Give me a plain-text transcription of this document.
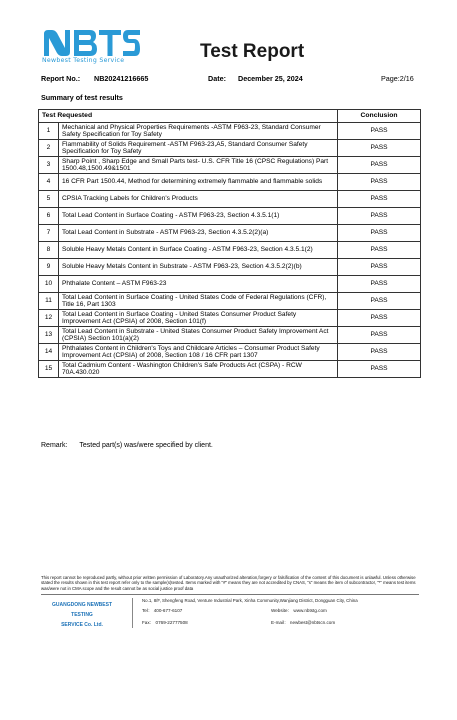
Newbest Testing Service	Test Report
Report No.: NB20241216665	Date: December 25, 2024	Page:2/16
Summary of test results
Test Requested		Conclusion
1	Mechanical and Physical Properties Requirements -ASTM F963-23, Standard Consumer Safety Specification for Toy Safety	PASS
2	Flammability of Solids Requirement -ASTM F963-23,A5, Standard Consumer Safety Specification for Toy Safety	PASS
3	Sharp Point , Sharp Edge and Small Parts test- U.S. CFR Title 16 (CPSC Regulations) Part 1500.48,1500.49&1501	PASS
4	16 CFR Part 1500.44, Method for determining extremely flammable and flammable solids	PASS
5	CPSIA Tracking Labels for Children's Products	PASS
6	Total Lead Content in Surface Coating - ASTM F963-23, Section 4.3.5.1(1)	PASS
7	Total Lead Content in Substrate - ASTM F963-23, Section 4.3.5.2(2)(a)	PASS
8	Soluble Heavy Metals Content in Surface Coating - ASTM F963-23, Section 4.3.5.1(2)	PASS
9	Soluble Heavy Metals Content in Substrate - ASTM F963-23, Section 4.3.5.2(2)(b)	PASS
10	Phthalate Content – ASTM F963-23	PASS
11	Total Lead Content in Surface Coating - United States Code of Federal Regulations (CFR), Title 16, Part 1303	PASS
12	Total Lead Content in Surface Coating - United States Consumer Product Safety Improvement Act (CPSIA) of 2008, Section 101(f)	PASS
13	Total Lead Content in Substrate - United States Consumer Product Safety Improvement Act (CPSIA) Section 101(a)(2)	PASS
14	Phthalates Content in Children's Toys and Childcare Articles – Consumer Product Safety Improvement Act (CPSIA) of 2008, Section 108 / 16 CFR part 1307	PASS
15	Total Cadmium Content - Washington Children's Safe Products Act (CSPA) - RCW 70A.430.020	PASS
Remark: Tested part(s) was/were specified by client.
This report cannot be reproduced partly, without prior written permission of Laboratory.Any unauthorized alteration,forgery or falsification of the content of this document is unlawful. Unless otherwise stated the results shown in this test report refer only to the sample(s)tested. Items marked with "#" means they are not accredited by CNAS, "s" means the item of subcontractor, "*" means test items was/were not in CMA scope and the result cannot be as social justice proof data
GUANGDONG NEWBEST TESTING
SERVICE Co. Ltd.
No.1, 8/F, Shengfeng Road, Venture Industrial Park, Xinha Community,Wanjiang District, Dongguan City, China
Tel： 400-677-6107	Website： www.nbtstg.com
Fax： 0769-22777508	E-mail： newbest@nbtscn.com
